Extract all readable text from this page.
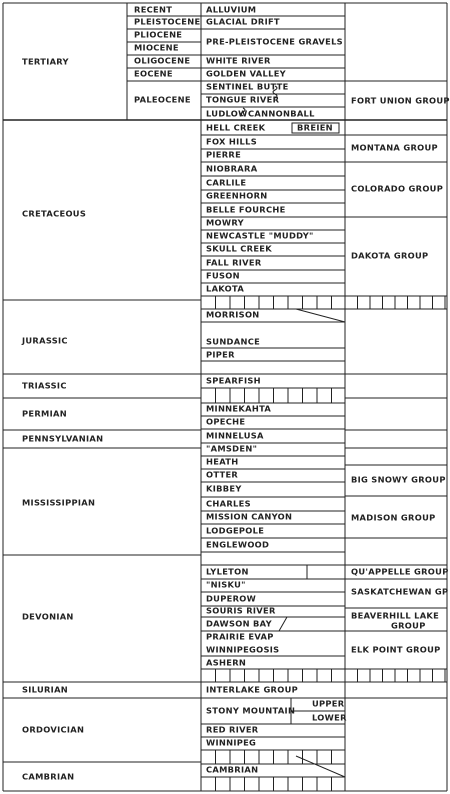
TERTIARY
CRETACEOUS
JURASSIC
TRIASSIC
PERMIAN
PENNSYLVANIAN
MISSISSIPPIAN
DEVONIAN
SILURIAN
ORDOVICIAN
CAMBRIAN
RECENT
PLEISTOCENE
PLIOCENE
MIOCENE
OLIGOCENE
EOCENE
PALEOCENE
ALLUVIUM
GLACIAL DRIFT
PRE-PLEISTOCENE GRAVELS
WHITE RIVER
GOLDEN VALLEY
SENTINEL BUTTE
TONGUE RIVER
LUDLOW
HELL CREEK
FOX HILLS
PIERRE
NIOBRARA
CARLILE
GREENHORN
BELLE FOURCHE
MOWRY
NEWCASTLE "MUDDY"
SKULL CREEK
FALL RIVER
FUSON
LAKOTA
MORRISON
SUNDANCE
PIPER
SPEARFISH
MINNEKAHTA
OPECHE
MINNELUSA
"AMSDEN"
HEATH
OTTER
KIBBEY
CHARLES
MISSION CANYON
LODGEPOLE
ENGLEWOOD
LYLETON
"NISKU"
DUPEROW
SOURIS RIVER
DAWSON BAY
PRAIRIE EVAP
WINNIPEGOSIS
ASHERN
INTERLAKE GROUP
STONY MOUNTAIN
RED RIVER
WINNIPEG
CAMBRIAN
CANNONBALL
BREIEN
UPPER
LOWER
FORT UNION GROUP
MONTANA GROUP
COLORADO GROUP
DAKOTA GROUP
BIG SNOWY GROUP
MADISON GROUP
QU'APPELLE GROUP
SASKATCHEWAN GP
BEAVERHILL LAKE
GROUP
ELK POINT GROUP
